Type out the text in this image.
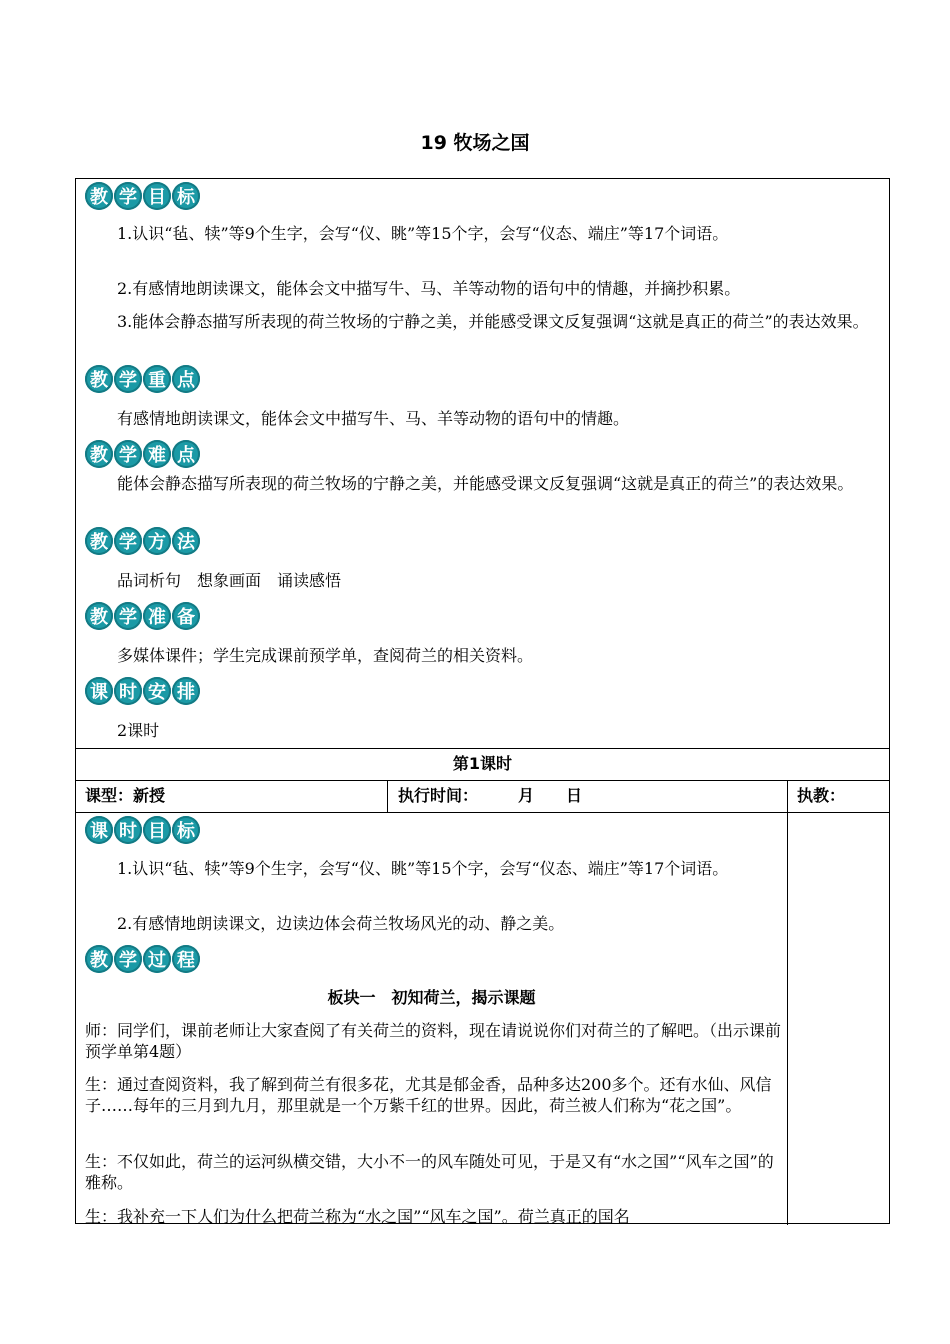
19 牧场之国
教 学 目 标

1.认识“毡、犊”等9个生字，会写“仪、眺”等15个字，会写“仪态、端庄”等17个词语。

2.有感情地朗读课文，能体会文中描写牛、马、羊等动物的语句中的情趣，并摘抄积累。

3.能体会静态描写所表现的荷兰牧场的宁静之美，并能感受课文反复强调“这就是真正的荷兰”的表达效果。

教 学 重 点

有感情地朗读课文，能体会文中描写牛、马、羊等动物的语句中的情趣。

教 学 难 点

能体会静态描写所表现的荷兰牧场的宁静之美，并能感受课文反复强调“这就是真正的荷兰”的表达效果。

教 学 方 法

品词析句　想象画面　诵读感悟

教 学 准 备

多媒体课件；学生完成课前预学单，查阅荷兰的相关资料。

课 时 安 排

2课时

第1课时
课型：新授	执行时间：　　　月　　日	执教：
课 时 目 标

1.认识“毡、犊”等9个生字，会写“仪、眺”等15个字，会写“仪态、端庄”等17个词语。

2.有感情地朗读课文，边读边体会荷兰牧场风光的动、静之美。

教 学 过 程
板块一　初知荷兰，揭示课题

师：同学们，课前老师让大家查阅了有关荷兰的资料，现在请说说你们对荷兰的了解吧。（出示课前预学单第4题）

生：通过查阅资料，我了解到荷兰有很多花，尤其是郁金香，品种多达200多个。还有水仙、风信子……每年的三月到九月，那里就是一个万紫千红的世界。因此，荷兰被人们称为“花之国”。

生：不仅如此，荷兰的运河纵横交错，大小不一的风车随处可见，于是又有“水之国”“风车之国”的雅称。

生：我补充一下人们为什么把荷兰称为“水之国”“风车之国”。荷兰真正的国名
